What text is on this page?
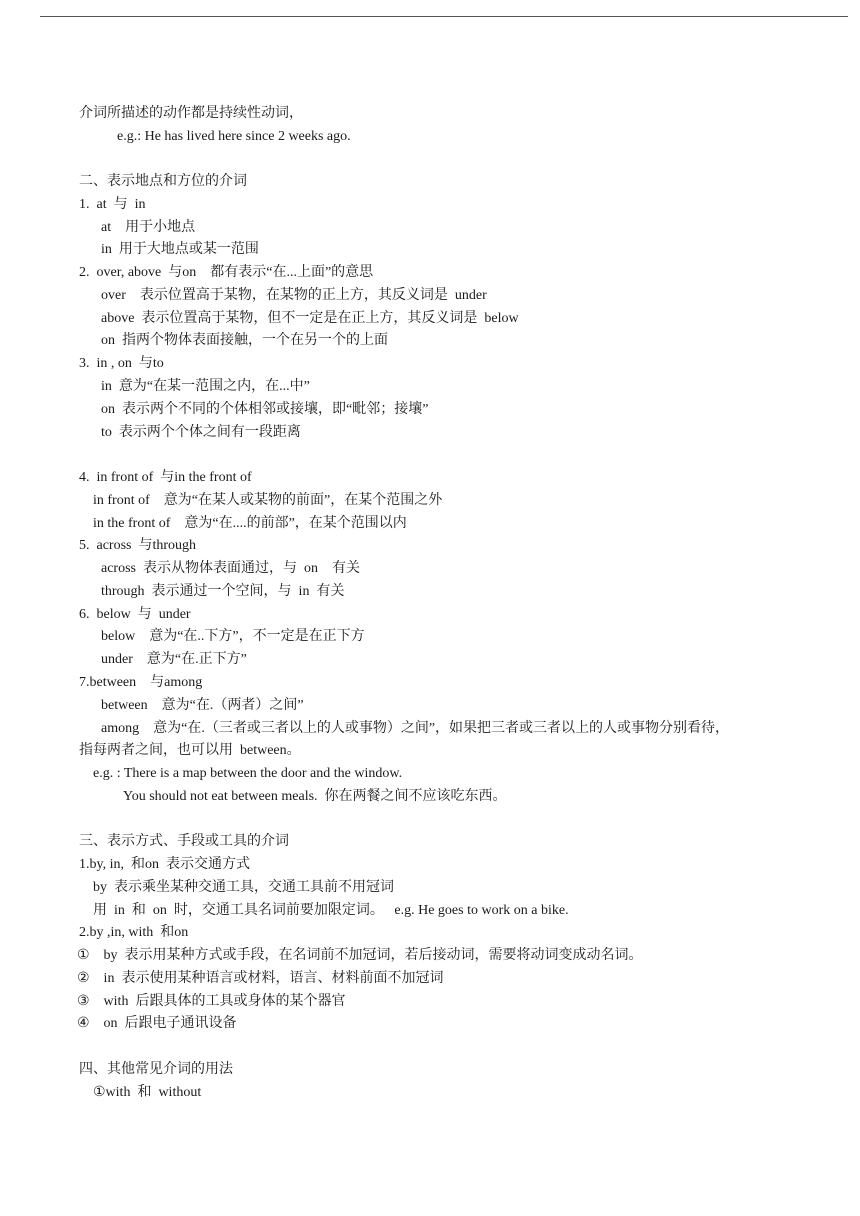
介词所描述的动作都是持续性动词，
e.g.: He has lived here since 2 weeks ago.
二、表示地点和方位的介词
1.  at  与  in
at    用于小地点
in  用于大地点或某一范围
2.  over, above  与on    都有表示“在...上面”的意思
over    表示位置高于某物，在某物的正上方，其反义词是  under
above  表示位置高于某物，但不一定是在正上方，其反义词是  below
on  指两个物体表面接触，一个在另一个的上面
3.  in , on  与to
in  意为“在某一范围之内，在...中”
on  表示两个不同的个体相邻或接壤，即“毗邻；接壤”
to  表示两个个体之间有一段距离
4.  in front of  与in the front of
in front of    意为“在某人或某物的前面”，在某个范围之外
in the front of    意为“在....的前部”，在某个范围以内
5.  across  与through
across  表示从物体表面通过，与  on    有关
through  表示通过一个空间，与  in  有关
6.  below  与  under
below    意为“在..下方”，不一定是在正下方
under    意为“在.正下方”
7.between    与among
between    意为“在.（两者）之间”
among    意为“在.（三者或三者以上的人或事物）之间”，如果把三者或三者以上的人或事物分别看待，
指每两者之间，也可以用  between。
e.g. : There is a map between the door and the window.
You should not eat between meals.  你在两餐之间不应该吃东西。
三、表示方式、手段或工具的介词
1.by, in,  和on  表示交通方式
by  表示乘坐某种交通工具，交通工具前不用冠词
用  in  和  on  时，交通工具名词前要加限定词。   e.g. He goes to work on a bike.
2.by ,in, with  和on
①    by  表示用某种方式或手段，在名词前不加冠词，若后接动词，需要将动词变成动名词。
②    in  表示使用某种语言或材料，语言、材料前面不加冠词
③    with  后跟具体的工具或身体的某个器官
④    on  后跟电子通讯设备
四、其他常见介词的用法
①with  和  without
